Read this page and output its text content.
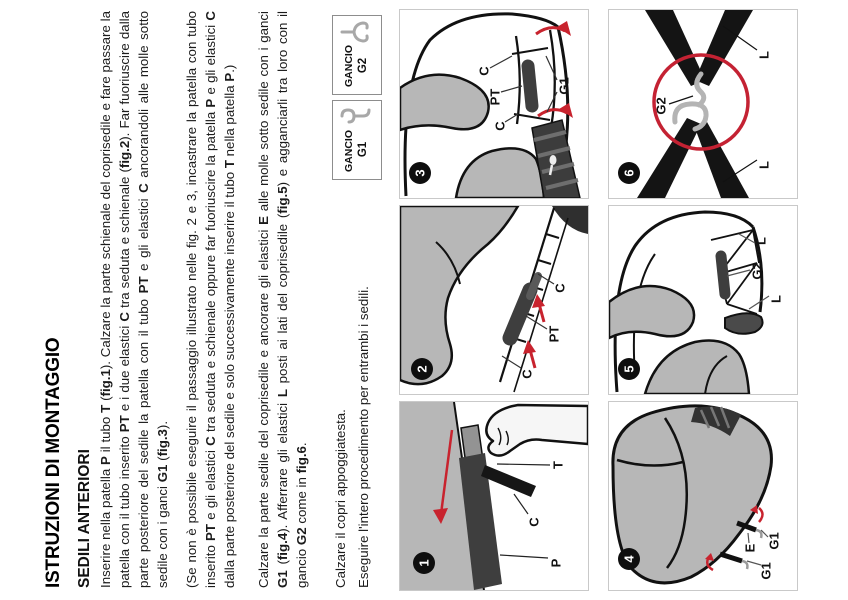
ISTRUZIONI DI MONTAGGIO SEDILI ANTERIORI Inserire nella patella P il tubo T (fig.1). Calzare la parte schienale del coprisedile e fare passare la patella con il tubo inserito PT e i due elastici C tra seduta e schienale (fig.2). Far fuoriuscire dalla parte posteriore del sedile la patella con il tubo PT e gli elastici C ancorandoli alle molle sotto sedile con i ganci G1 (fig.3). (Se non è possibile eseguire il passaggio illustrato nelle fig. 2 e 3, incastrare la patella con tubo inserito PT e gli elastici C tra seduta e schienale oppure far fuoriuscire la patella P e gli elastici C dalla parte posteriore del sedile e solo successivamente inserire il tubo T nella patella P.)

Calzare la parte sedile del coprisedile e ancorare gli elastici E alle molle sotto sedile con i ganci G1 (fig.4). Afferrare gli elastici L posti ai lati del coprisedile (fig.5) e agganciarli tra loro con il gancio G2 come in fig.6. Calzare il copri appoggiatesta. Eseguire l'intero procedimento per entrambi i sedili.

GANCIO G1
GANCIO G2
T
C
P
1
C
PT
C
2
C
PT
C
G1
3
E G1
G1
4
L
G2
L
5
L
G2
L
6
